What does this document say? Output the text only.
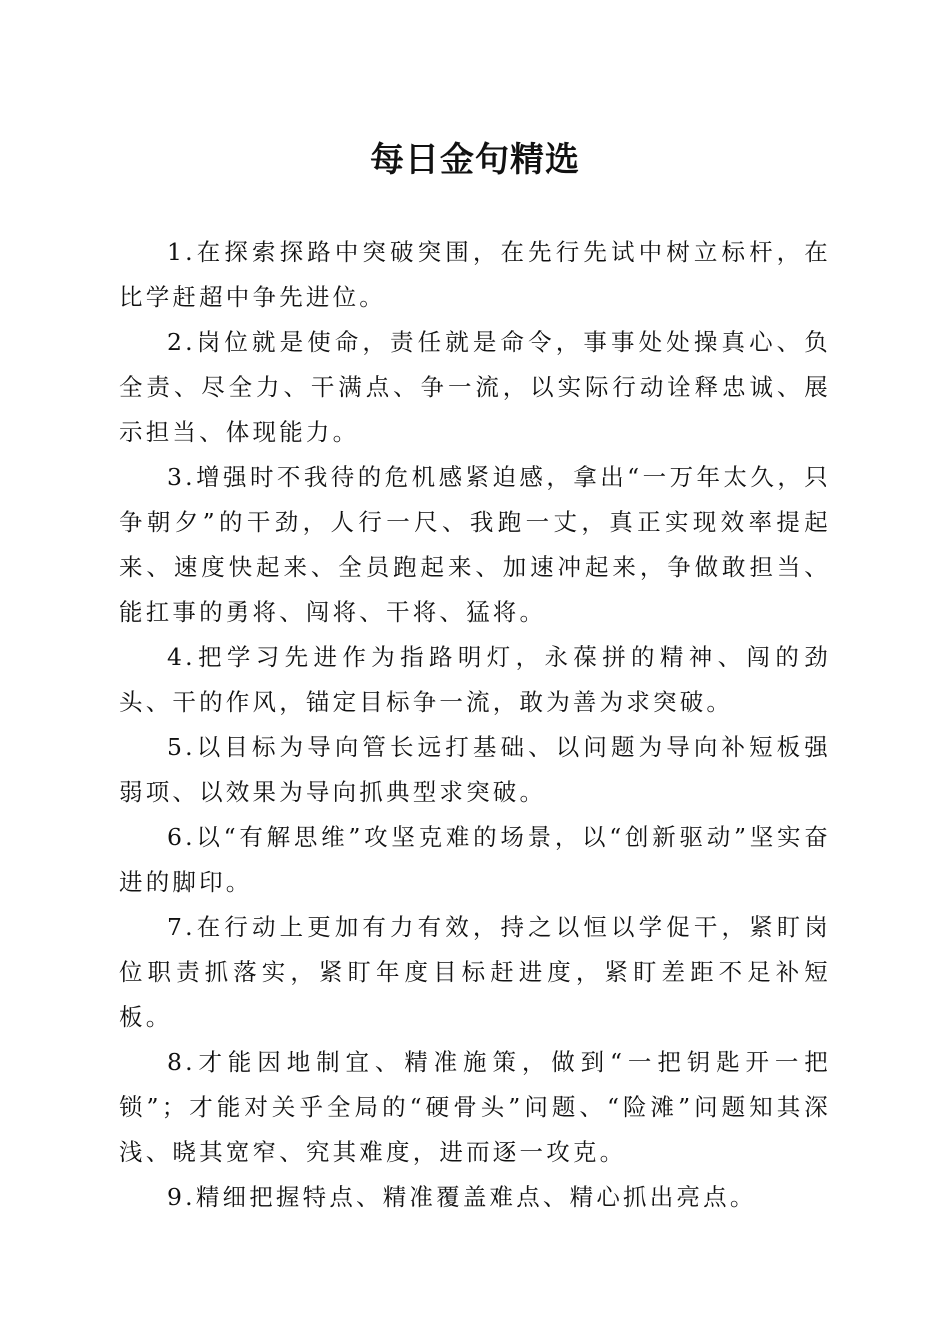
每日金句精选

1.在探索探路中突破突围，在先行先试中树立标杆，在比学赶超中争先进位。

2.岗位就是使命，责任就是命令，事事处处操真心、负全责、尽全力、干满点、争一流，以实际行动诠释忠诚、展示担当、体现能力。

3.增强时不我待的危机感紧迫感，拿出“一万年太久，只争朝夕”的干劲，人行一尺、我跑一丈，真正实现效率提起来、速度快起来、全员跑起来、加速冲起来，争做敢担当、能扛事的勇将、闯将、干将、猛将。

4.把学习先进作为指路明灯，永葆拼的精神、闯的劲头、干的作风，锚定目标争一流，敢为善为求突破。

5.以目标为导向管长远打基础、以问题为导向补短板强弱项、以效果为导向抓典型求突破。

6.以“有解思维”攻坚克难的场景，以“创新驱动”坚实奋进的脚印。

7.在行动上更加有力有效，持之以恒以学促干，紧盯岗位职责抓落实，紧盯年度目标赶进度，紧盯差距不足补短板。

8.才能因地制宜、精准施策，做到“一把钥匙开一把锁”；才能对关乎全局的“硬骨头”问题、“险滩”问题知其深浅、晓其宽窄、究其难度，进而逐一攻克。

9.精细把握特点、精准覆盖难点、精心抓出亮点。
